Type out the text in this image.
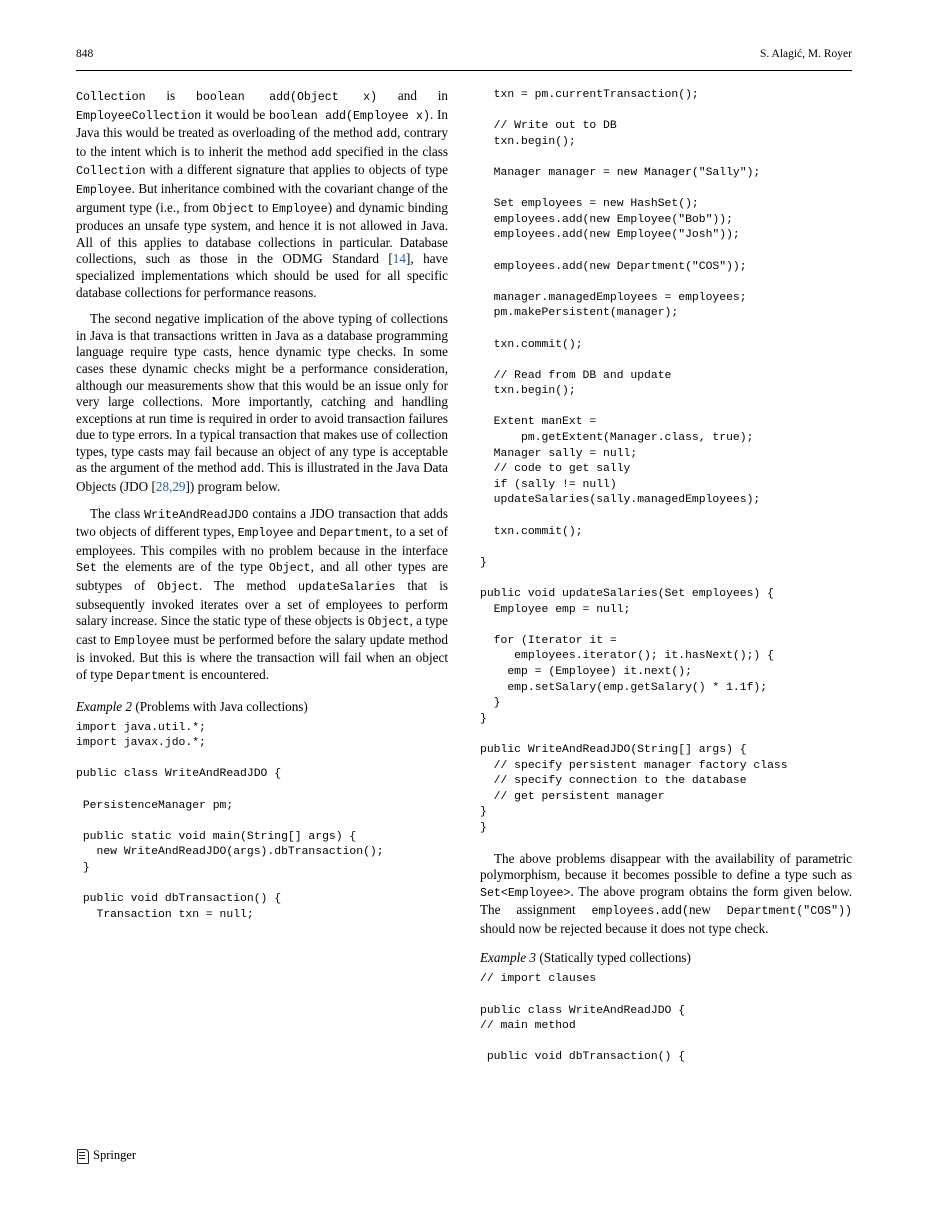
848	S. Alagić, M. Royer

Collection is boolean add(Object x) and in EmployeeCollection it would be boolean add(Employee x). In Java this would be treated as overloading of the method add, contrary to the intent which is to inherit the method add specified in the class Collection with a different signature that applies to objects of type Employee. But inheritance combined with the covariant change of the argument type (i.e., from Object to Employee) and dynamic binding produces an unsafe type system, and hence it is not allowed in Java. All of this applies to database collections in particular. Database collections, such as those in the ODMG Standard [14], have specialized implementations which should be used for all specific database collections for performance reasons.

The second negative implication of the above typing of collections in Java is that transactions written in Java as a database programming language require type casts, hence dynamic type checks. In some cases these dynamic checks might be a performance consideration, although our measurements show that this would be an issue only for very large collections. More importantly, catching and handling exceptions at run time is required in order to avoid transaction failures due to type errors. In a typical transaction that makes use of collection types, type casts may fail because an object of any type is acceptable as the argument of the method add. This is illustrated in the Java Data Objects (JDO [28,29]) program below.

The class WriteAndReadJDO contains a JDO transaction that adds two objects of different types, Employee and Department, to a set of employees. This compiles with no problem because in the interface Set the elements are of the type Object, and all other types are subtypes of Object. The method updateSalaries that is subsequently invoked iterates over a set of employees to perform salary increase. Since the static type of these objects is Object, a type cast to Employee must be performed before the salary update method is invoked. But this is where the transaction will fail when an object of type Department is encountered.

Example 2 (Problems with Java collections)
import java.util.*;
import javax.jdo.*;

public class WriteAndReadJDO {

PersistenceManager pm;

public static void main(String[] args) {
new WriteAndReadJDO(args).dbTransaction();
}

public void dbTransaction() {
Transaction txn = null;
txn = pm.currentTransaction();

// Write out to DB
txn.begin();

Manager manager = new Manager("Sally");

Set employees = new HashSet();
employees.add(new Employee("Bob"));
employees.add(new Employee("Josh"));

employees.add(new Department("COS"));

manager.managedEmployees = employees;
pm.makePersistent(manager);

txn.commit();

// Read from DB and update
txn.begin();

Extent manExt =
pm.getExtent(Manager.class, true);
Manager sally = null;
// code to get sally
if (sally != null)
updateSalaries(sally.managedEmployees);

txn.commit();

}

public void updateSalaries(Set employees) {
Employee emp = null;

for (Iterator it =
employees.iterator(); it.hasNext();) {
emp = (Employee) it.next();
emp.setSalary(emp.getSalary() * 1.1f);
}
}

public WriteAndReadJDO(String[] args) {
// specify persistent manager factory class
// specify connection to the database
// get persistent manager
}
}

The above problems disappear with the availability of parametric polymorphism, because it becomes possible to define a type such as Set<Employee>. The above program obtains the form given below. The assignment employees.add(new Department("COS")) should now be rejected because it does not type check.

Example 3 (Statically typed collections)
// import clauses

public class WriteAndReadJDO {
// main method

public void dbTransaction() {
Springer
